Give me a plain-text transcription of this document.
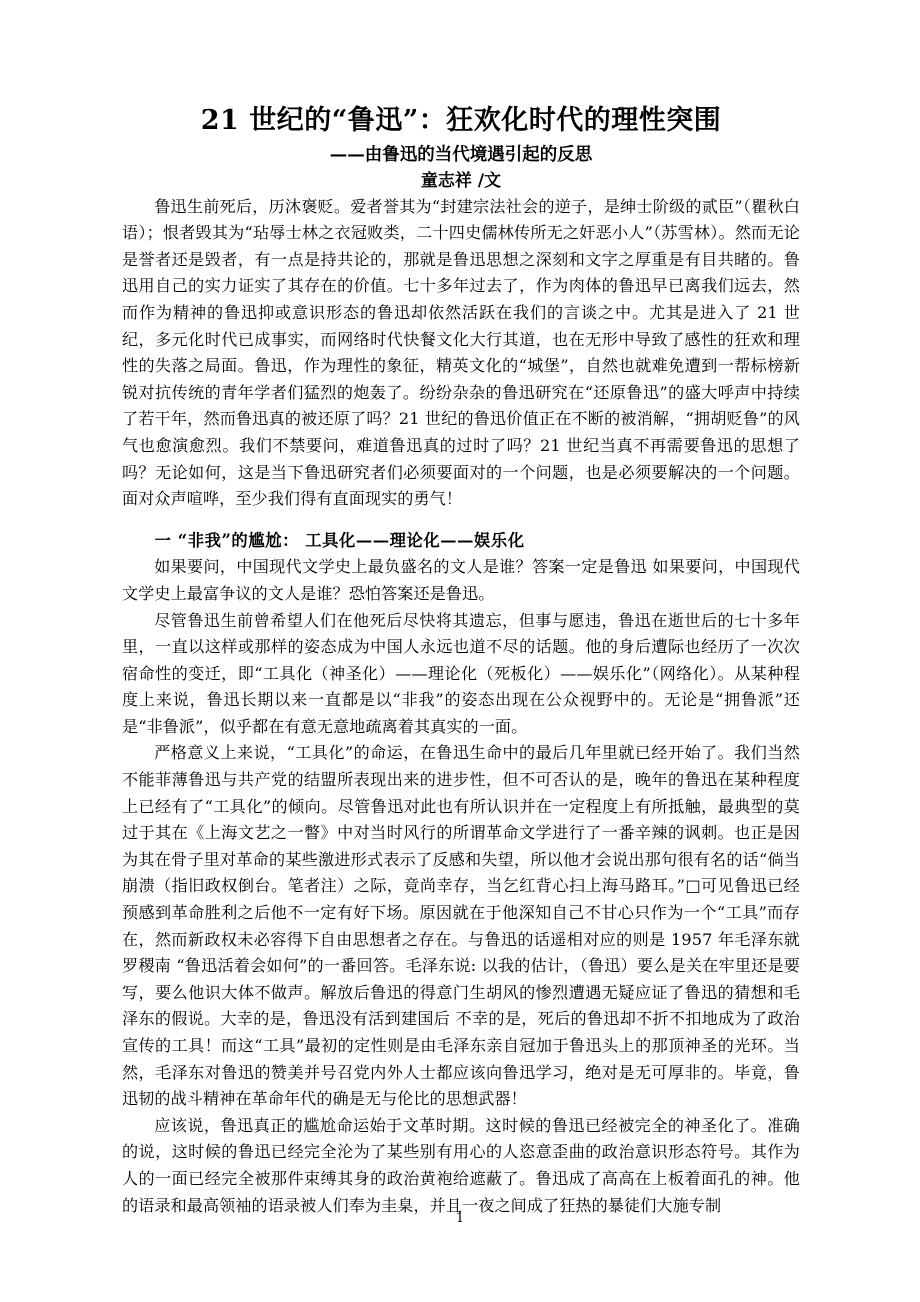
21 世纪的“鲁迅”：狂欢化时代的理性突围
——由鲁迅的当代境遇引起的反思
童志祥 /文

鲁迅生前死后，历沐褒贬。爱者誉其为“封建宗法社会的逆子，是绅士阶级的贰臣”（瞿秋白语）；恨者毁其为“玷辱士林之衣冠败类，二十四史儒林传所无之奸恶小人”（苏雪林）。然而无论是誉者还是毁者，有一点是持共论的，那就是鲁迅思想之深刻和文字之厚重是有目共睹的。鲁迅用自己的实力证实了其存在的价值。七十多年过去了，作为肉体的鲁迅早已离我们远去，然而作为精神的鲁迅抑或意识形态的鲁迅却依然活跃在我们的言谈之中。尤其是进入了 21 世纪，多元化时代已成事实，而网络时代快餐文化大行其道，也在无形中导致了感性的狂欢和理性的失落之局面。鲁迅，作为理性的象征，精英文化的“城堡”，自然也就难免遭到一帮标榜新锐对抗传统的青年学者们猛烈的炮轰了。纷纷杂杂的鲁迅研究在“还原鲁迅”的盛大呼声中持续了若干年，然而鲁迅真的被还原了吗？21 世纪的鲁迅价值正在不断的被消解，“拥胡贬鲁”的风气也愈演愈烈。我们不禁要问，难道鲁迅真的过时了吗？21 世纪当真不再需要鲁迅的思想了吗？无论如何，这是当下鲁迅研究者们必须要面对的一个问题，也是必须要解决的一个问题。面对众声喧哗，至少我们得有直面现实的勇气！

一 “非我”的尴尬： 工具化——理论化——娱乐化

如果要问，中国现代文学史上最负盛名的文人是谁？答案一定是鲁迅 如果要问，中国现代文学史上最富争议的文人是谁？恐怕答案还是鲁迅。

尽管鲁迅生前曾希望人们在他死后尽快将其遗忘，但事与愿违，鲁迅在逝世后的七十多年里，一直以这样或那样的姿态成为中国人永远也道不尽的话题。他的身后遭际也经历了一次次宿命性的变迁，即“工具化（神圣化）——理论化（死板化）——娱乐化”（网络化）。从某种程度上来说，鲁迅长期以来一直都是以“非我”的姿态出现在公众视野中的。无论是“拥鲁派”还是“非鲁派”，似乎都在有意无意地疏离着其真实的一面。

严格意义上来说，“工具化”的命运，在鲁迅生命中的最后几年里就已经开始了。我们当然不能菲薄鲁迅与共产党的结盟所表现出来的进步性，但不可否认的是，晚年的鲁迅在某种程度上已经有了“工具化”的倾向。尽管鲁迅对此也有所认识并在一定程度上有所抵触，最典型的莫过于其在《上海文艺之一瞥》中对当时风行的所谓革命文学进行了一番辛辣的讽刺。也正是因为其在骨子里对革命的某些激进形式表示了反感和失望，所以他才会说出那句很有名的话“倘当崩溃（指旧政权倒台。笔者注）之际，竟尚幸存，当乞红背心扫上海马路耳。”□可见鲁迅已经预感到革命胜利之后他不一定有好下场。原因就在于他深知自己不甘心只作为一个“工具”而存在，然而新政权未必容得下自由思想者之存在。与鲁迅的话遥相对应的则是 1957 年毛泽东就罗稷南 “鲁迅活着会如何”的一番回答。毛泽东说: 以我的估计，（鲁迅）要么是关在牢里还是要写，要么他识大体不做声。解放后鲁迅的得意门生胡风的惨烈遭遇无疑应证了鲁迅的猜想和毛泽东的假说。大幸的是，鲁迅没有活到建国后 不幸的是，死后的鲁迅却不折不扣地成为了政治宣传的工具！而这“工具”最初的定性则是由毛泽东亲自冠加于鲁迅头上的那顶神圣的光环。当然，毛泽东对鲁迅的赞美并号召党内外人士都应该向鲁迅学习，绝对是无可厚非的。毕竟，鲁迅韧的战斗精神在革命年代的确是无与伦比的思想武器！

应该说，鲁迅真正的尴尬命运始于文革时期。这时候的鲁迅已经被完全的神圣化了。准确的说，这时候的鲁迅已经完全沦为了某些别有用心的人恣意歪曲的政治意识形态符号。其作为人的一面已经完全被那件束缚其身的政治黄袍给遮蔽了。鲁迅成了高高在上板着面孔的神。他的语录和最高领袖的语录被人们奉为圭臬，并且一夜之间成了狂热的暴徒们大施专制

1
